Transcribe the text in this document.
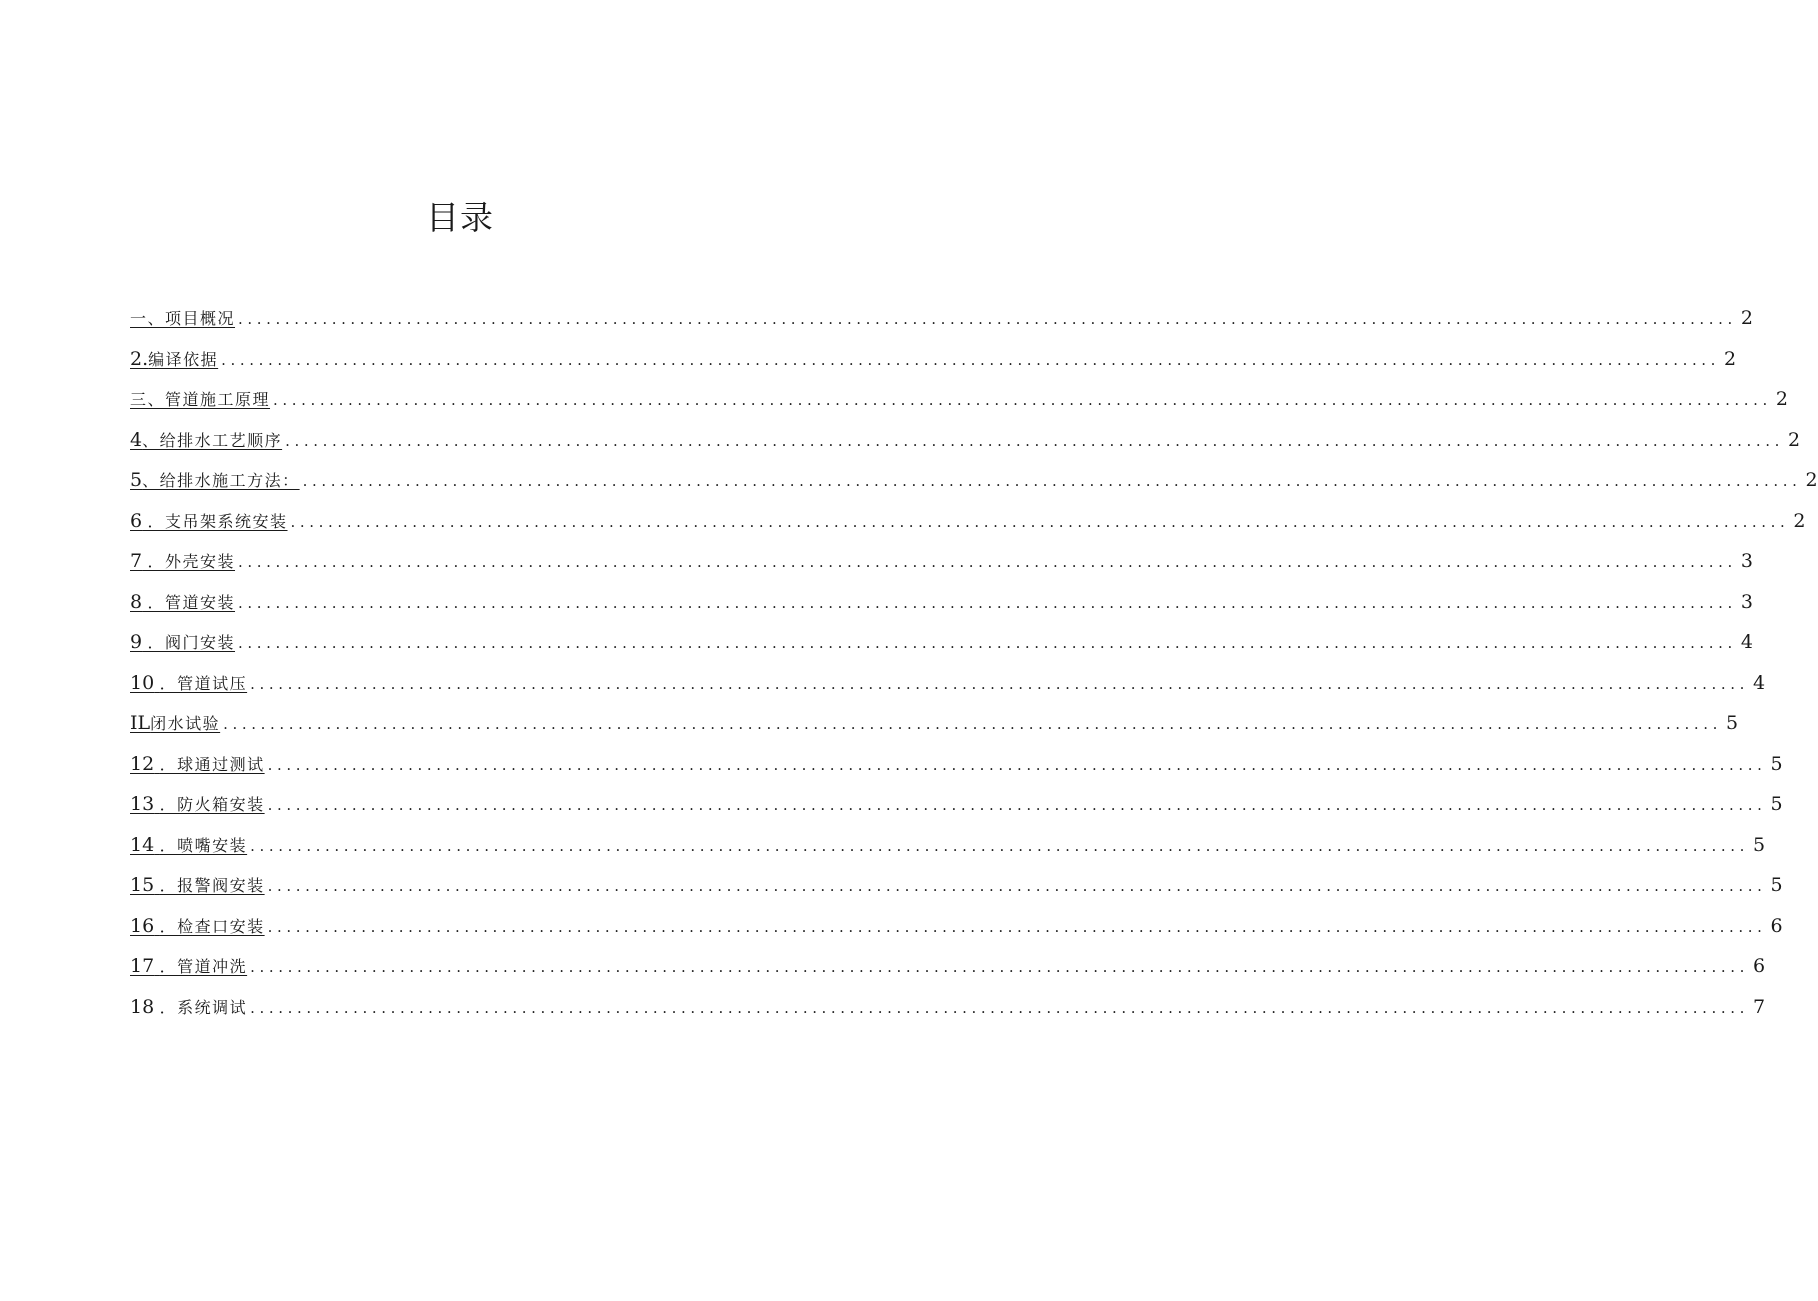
目录
一、项目概况 ................................................................................................................................................................ 2
2.编译依据 ................................................................................................................................................................ 2
三、管道施工原理 ................................................................................................................................................................ 2
4、给排水工艺顺序 ................................................................................................................................................................ 2
5、给排水施工方法： ................................................................................................................................................................ 2
6 ．支吊架系统安装 ................................................................................................................................................................ 2
7 ．外壳安装 ................................................................................................................................................................ 3
8 ．管道安装 ................................................................................................................................................................ 3
9 ．阀门安装 ................................................................................................................................................................ 4
10 ．管道试压 ................................................................................................................................................................ 4
IL闭水试验 ................................................................................................................................................................ 5
12 ．球通过测试 ................................................................................................................................................................ 5
13 ．防火箱安装 ................................................................................................................................................................ 5
14 ．喷嘴安装 ................................................................................................................................................................ 5
15 ．报警阀安装 ................................................................................................................................................................ 5
16 ．检查口安装 ................................................................................................................................................................ 6
17 ．管道冲洗 ................................................................................................................................................................ 6
18 ．系统调试 ................................................................................................................................................................ 7
